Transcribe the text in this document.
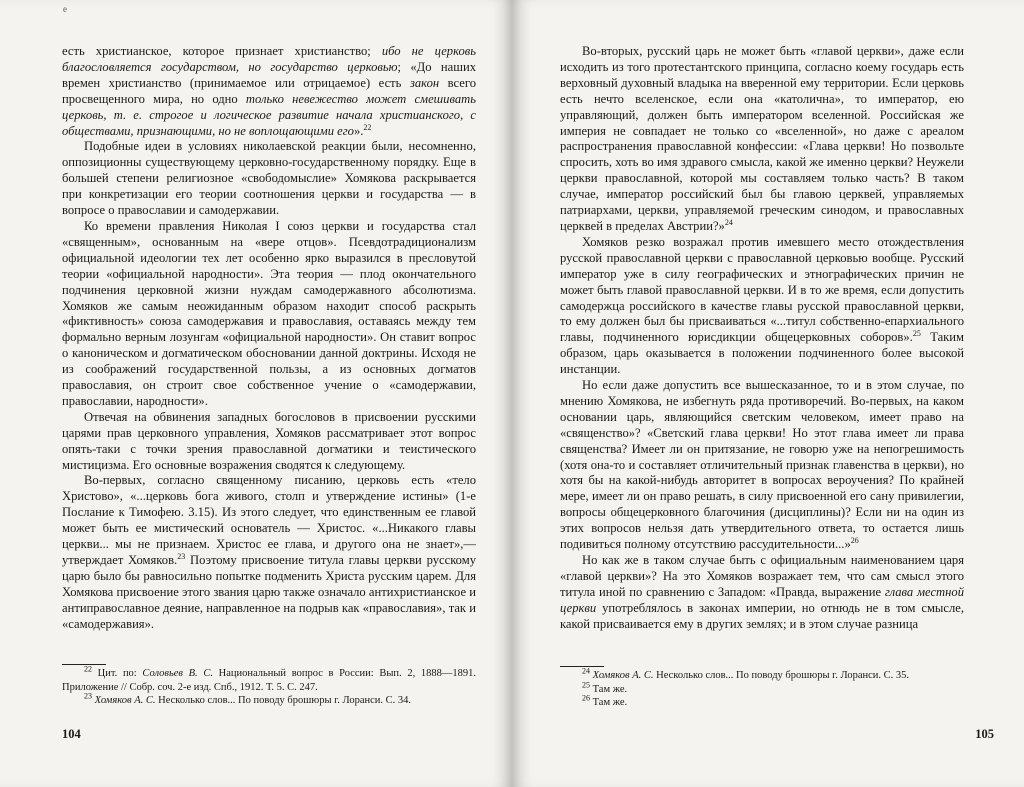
e

есть христианское, которое признает христианство; ибо не церковь благословляется государством, но государство церковью; «До наших времен христианство (принимаемое или отрицаемое) есть закон всего просвещенного мира, но одно только невежество может смешивать церковь, т. е. строгое и логическое развитие начала христианского, с обществами, признающими, но не воплощающими его».$^{22}$

Подобные идеи в условиях николаевской реакции были, несомненно, оппозиционны существующему церковно-государственному порядку. Еще в большей степени религиозное «свободомыслие» Хомякова раскрывается при конкретизации его теории соотношения церкви и государства — в вопросе о православии и самодержавии.

Ко времени правления Николая I союз церкви и государства стал «священным», основанным на «вере отцов». Псевдотрадиционализм официальной идеологии тех лет особенно ярко выразился в пресловутой теории «официальной народности». Эта теория — плод окончательного подчинения церковной жизни нуждам самодержавного абсолютизма. Хомяков же самым неожиданным образом находит способ раскрыть «фиктивность» союза самодержавия и православия, оставаясь между тем формально верным лозунгам «официальной народности». Он ставит вопрос о каноническом и догматическом обосновании данной доктрины. Исходя не из соображений государственной пользы, а из основных догматов православия, он строит свое собственное учение о «самодержавии, православии, народности».

Отвечая на обвинения западных богословов в присвоении русскими царями прав церковного управления, Хомяков рассматривает этот вопрос опять-таки с точки зрения православной догматики и теистического мистицизма. Его основные возражения сводятся к следующему.

Во-первых, согласно священному писанию, церковь есть «тело Христово», «...церковь бога живого, столп и утверждение истины» (1-е Послание к Тимофею. 3.15). Из этого следует, что единственным ее главой может быть ее мистический основатель — Христос. «...Никакого главы церкви... мы не признаем. Христос ее глава, и другого она не знает»,— утверждает Хомяков.$^{23}$ Поэтому присвоение титула главы церкви русскому царю было бы равносильно попытке подменить Христа русским царем. Для Хомякова присвоение этого звания царю также означало антихристианское и антиправославное деяние, направленное на подрыв как «православия», так и «самодержавия».

$^{22}$ Цит. по: Соловьев В. С. Национальный вопрос в России: Вып. 2, 1888—1891. Приложение // Собр. соч. 2-е изд. Спб., 1912. Т. 5. С. 247.

$^{23}$ Хомяков А. С. Несколько слов... По поводу брошюры г. Лоранси. С. 34.

104

Во-вторых, русский царь не может быть «главой церкви», даже если исходить из того протестантского принципа, согласно коему государь есть верховный духовный владыка на вверенной ему территории. Если церковь есть нечто вселенское, если она «католична», то император, ею управляющий, должен быть императором вселенной. Российская же империя не совпадает не только со «вселенной», но даже с ареалом распространения православной конфессии: «Глава церкви! Но позвольте спросить, хоть во имя здравого смысла, какой же именно церкви? Неужели церкви православной, которой мы составляем только часть? В таком случае, император российский был бы главою церквей, управляемых патриархами, церкви, управляемой греческим синодом, и православных церквей в пределах Австрии?»$^{24}$

Хомяков резко возражал против имевшего место отождествления русской православной церкви с православной церковью вообще. Русский император уже в силу географических и этнографических причин не может быть главой православной церкви. И в то же время, если допустить самодержца российского в качестве главы русской православной церкви, то ему должен был бы присваиваться «...титул собственно-епархиального главы, подчиненного юрисдикции общецерковных соборов».$^{25}$ Таким образом, царь оказывается в положении подчиненного более высокой инстанции.

Но если даже допустить все вышесказанное, то и в этом случае, по мнению Хомякова, не избегнуть ряда противоречий. Во-первых, на каком основании царь, являющийся светским человеком, имеет право на «священство»? «Светский глава церкви! Но этот глава имеет ли права священства? Имеет ли он притязание, не говорю уже на непогрешимость (хотя она-то и составляет отличительный признак главенства в церкви), но хотя бы на какой-нибудь авторитет в вопросах вероучения? По крайней мере, имеет ли он право решать, в силу присвоенной его сану привилегии, вопросы общецерковного благочиния (дисциплины)? Если ни на один из этих вопросов нельзя дать утвердительного ответа, то остается лишь подивиться полному отсутствию рассудительности...»$^{26}$

Но как же в таком случае быть с официальным наименованием царя «главой церкви»? На это Хомяков возражает тем, что сам смысл этого титула иной по сравнению с Западом: «Правда, выражение глава местной церкви употреблялось в законах империи, но отнюдь не в том смысле, какой присваивается ему в других землях; и в этом случае разница

$^{24}$ Хомяков А. С. Несколько слов... По поводу брошюры г. Лоранси. С. 35.

$^{25}$ Там же.

$^{26}$ Там же.

105
